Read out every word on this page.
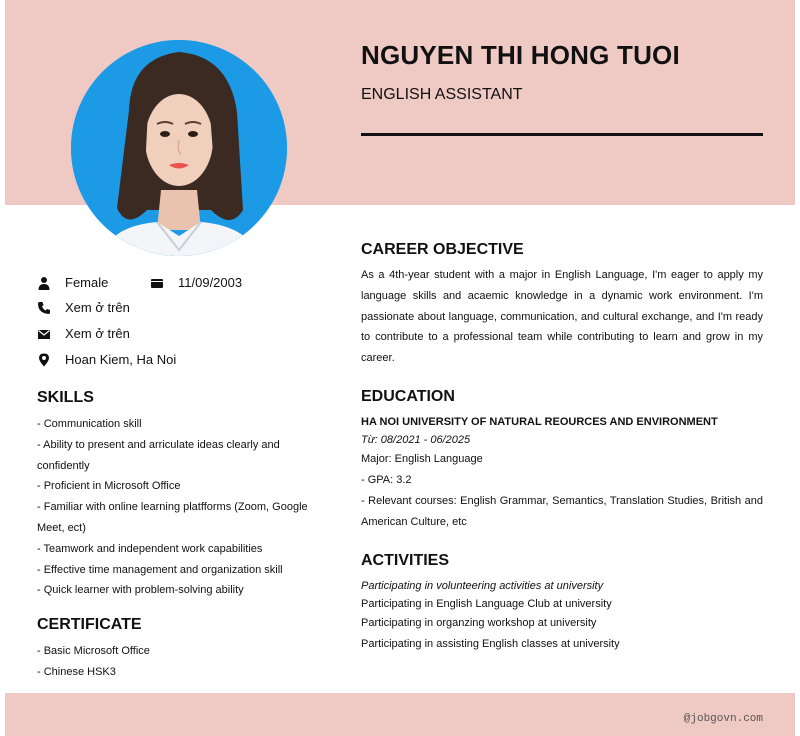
NGUYEN THI HONG TUOI
ENGLISH ASSISTANT
Female	11/09/2003
Xem ở trên
Xem ở trên
Hoan Kiem, Ha Noi
SKILLS
- Communication skill
- Ability to present and arriculate ideas clearly and confidently
- Proficient in Microsoft Office
- Familiar with online learning platfforms (Zoom, Google Meet, ect)
- Teamwork and independent work capabilities
- Effective time management and organization skill
- Quick learner with problem-solving ability
CERTIFICATE
- Basic Microsoft Office
- Chinese HSK3
CAREER OBJECTIVE
As a 4th-year student with a major in English Language, I'm eager to apply my language skills and acaemic knowledge in a dynamic work environment. I'm passionate about language, communication, and cultural exchange, and I'm ready to contribute to a professional team while contributing to learn and grow in my career.
EDUCATION
HA NOI UNIVERSITY OF NATURAL REOURCES AND ENVIRONMENT
Từ: 08/2021 - 06/2025
Major: English Language
- GPA: 3.2
- Relevant courses: English Grammar, Semantics, Translation Studies, British and American Culture, etc
ACTIVITIES
Participating in volunteering activities at university
Participating in English Language Club at university
Participating in organzing workshop at university
Participating in assisting English classes at university
@jobgovn.com
